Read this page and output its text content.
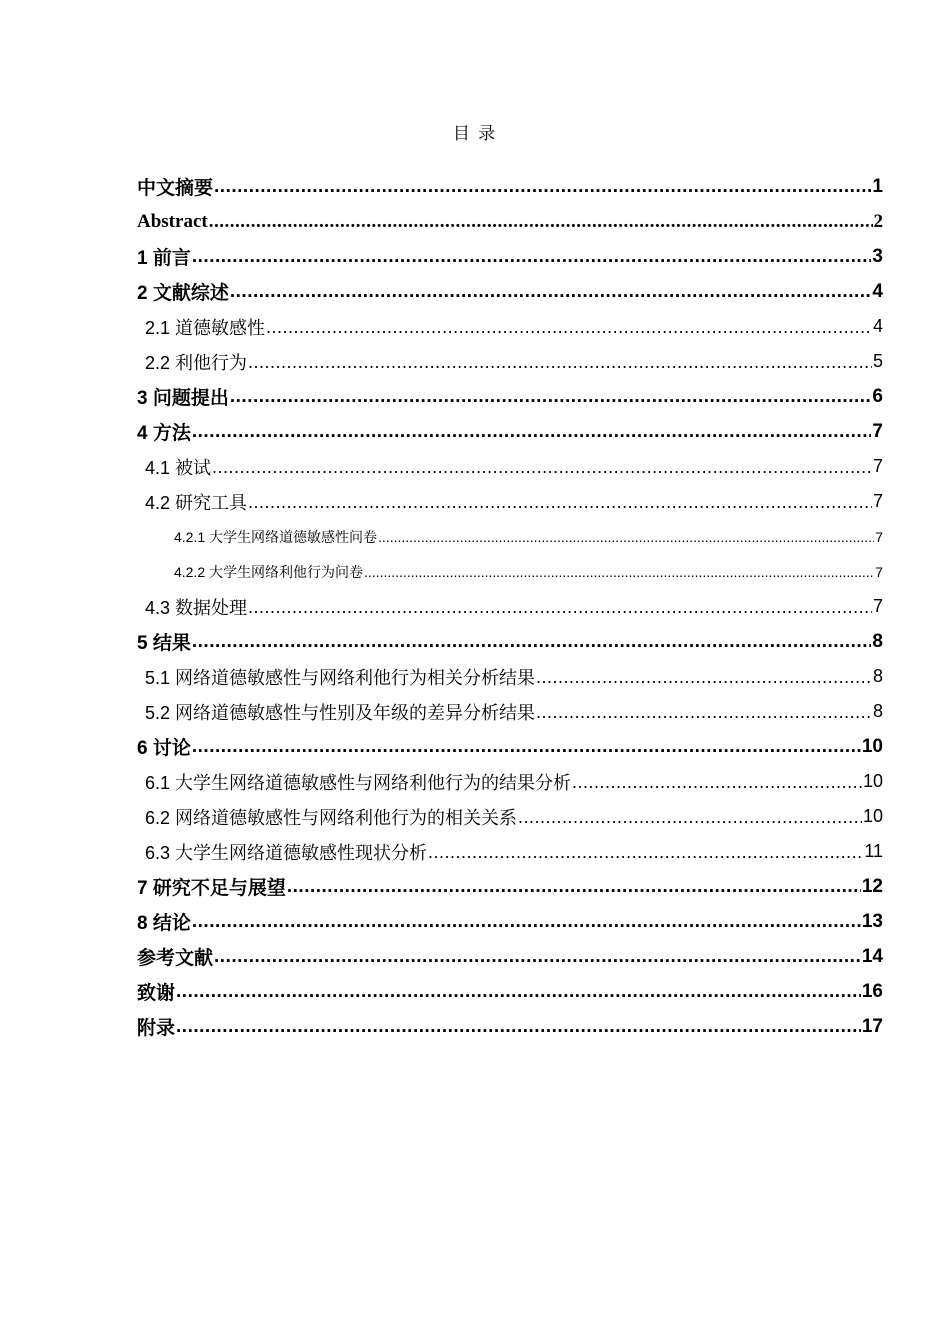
目 录
中文摘要 .....	1
Abstract .....	2
1 前言 .....	3
2 文献综述 .....	4
2.1 道德敏感性 .....	4
2.2 利他行为 .....	5
3 问题提出 .....	6
4 方法 .....	7
4.1 被试 .....	7
4.2 研究工具 .....	7
4.2.1 大学生网络道德敏感性问卷 .....	7
4.2.2 大学生网络利他行为问卷 .....	7
4.3 数据处理 .....	7
5 结果 .....	8
5.1 网络道德敏感性与网络利他行为相关分析结果 .....	8
5.2 网络道德敏感性与性别及年级的差异分析结果 .....	8
6 讨论 .....	10
6.1 大学生网络道德敏感性与网络利他行为的结果分析 .....	10
6.2 网络道德敏感性与网络利他行为的相关关系 .....	10
6.3 大学生网络道德敏感性现状分析 .....	11
7 研究不足与展望 .....	12
8 结论 .....	13
参考文献 .....	14
致谢 .....	16
附录 .....	17
